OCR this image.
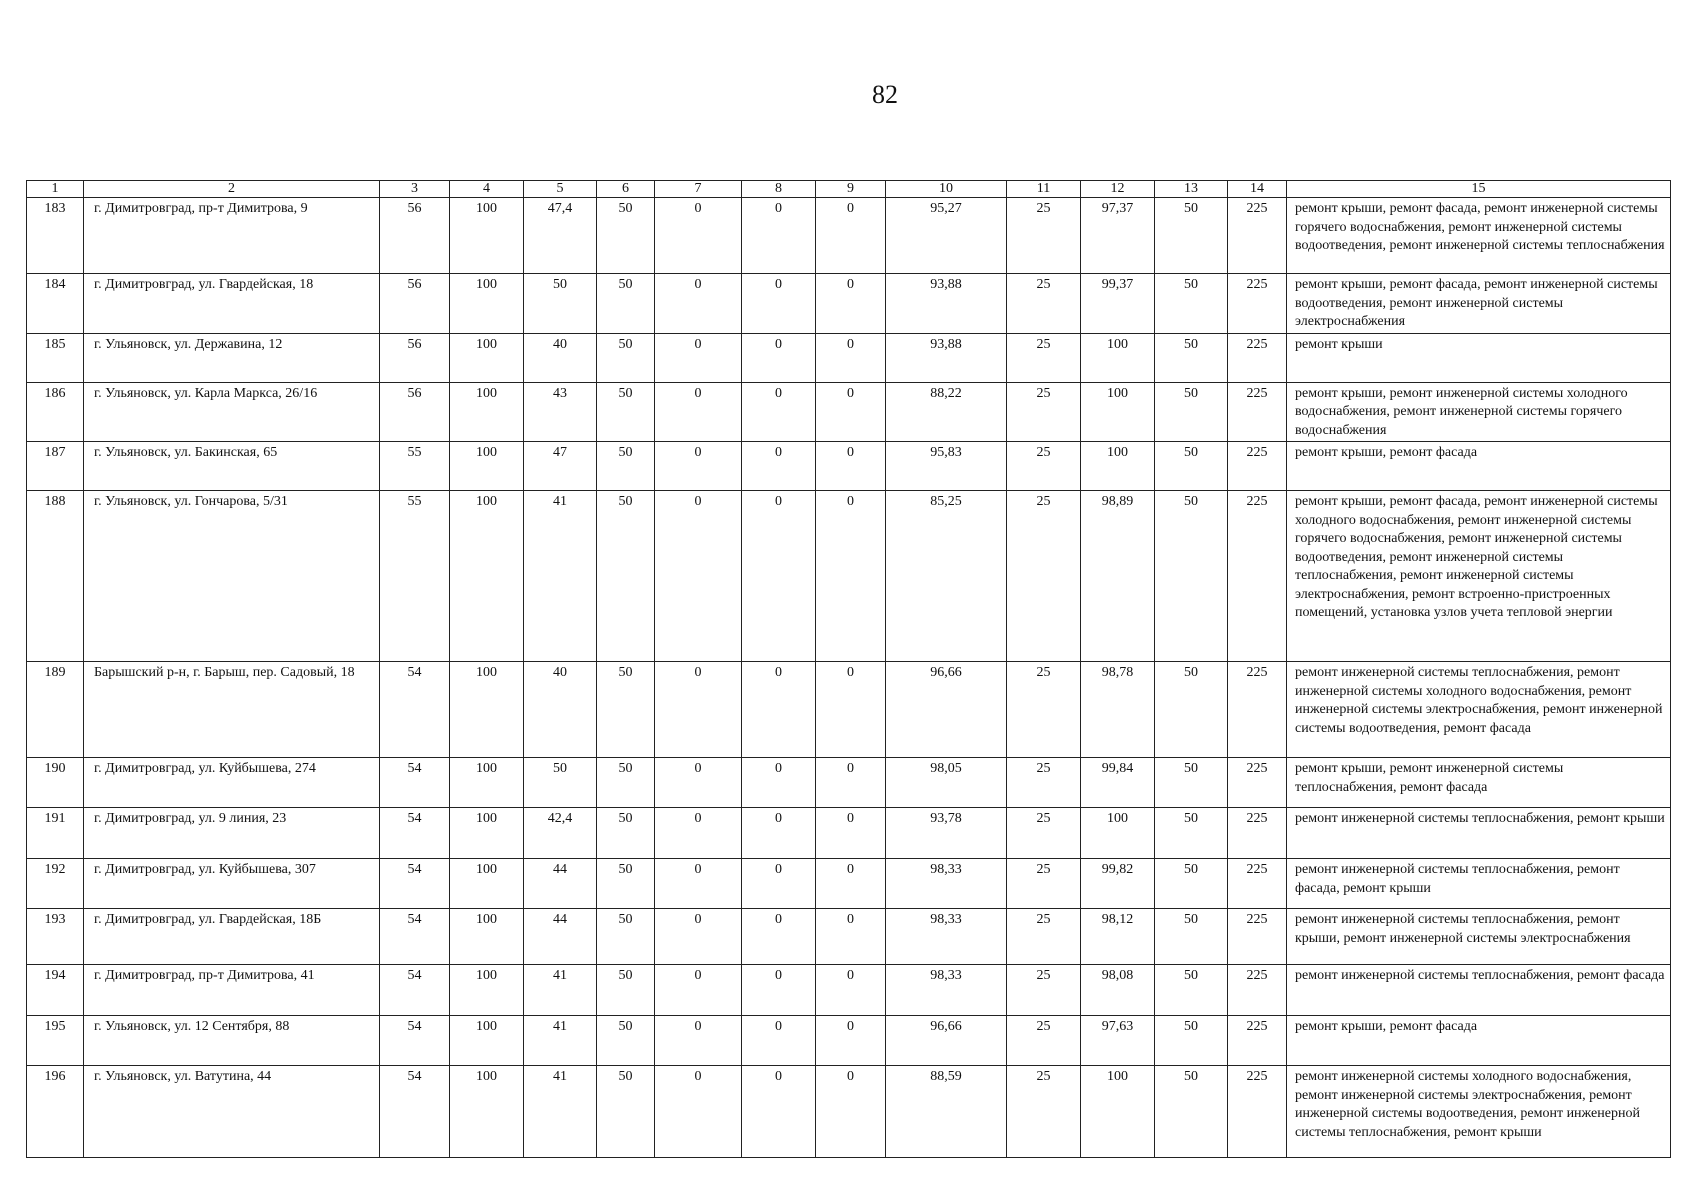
82
1	2	3	4	5	6	7	8	9	10	11	12	13	14	15
183	г. Димитровград, пр-т Димитрова, 9	56	100	47,4	50	0	0	0	95,27	25	97,37	50	225	ремонт крыши, ремонт фасада, ремонт инженерной системы горячего водоснабжения, ремонт инженерной системы водоотведения, ремонт инженерной системы теплоснабжения
184	г. Димитровград, ул. Гвардейская, 18	56	100	50	50	0	0	0	93,88	25	99,37	50	225	ремонт крыши, ремонт фасада, ремонт инженерной системы водоотведения, ремонт инженерной системы электроснабжения
185	г. Ульяновск, ул. Державина, 12	56	100	40	50	0	0	0	93,88	25	100	50	225	ремонт крыши
186	г. Ульяновск, ул. Карла Маркса, 26/16	56	100	43	50	0	0	0	88,22	25	100	50	225	ремонт крыши, ремонт инженерной системы холодного водоснабжения, ремонт инженерной системы горячего водоснабжения
187	г. Ульяновск, ул. Бакинская, 65	55	100	47	50	0	0	0	95,83	25	100	50	225	ремонт крыши, ремонт фасада
188	г. Ульяновск, ул. Гончарова, 5/31	55	100	41	50	0	0	0	85,25	25	98,89	50	225	ремонт крыши, ремонт фасада, ремонт инженерной системы холодного водоснабжения, ремонт инженерной системы горячего водоснабжения, ремонт инженерной системы водоотведения, ремонт инженерной системы теплоснабжения, ремонт инженерной системы электроснабжения, ремонт встроенно-пристроенных помещений, установка узлов учета тепловой энергии
189	Барышский р-н, г. Барыш, пер. Садовый, 18	54	100	40	50	0	0	0	96,66	25	98,78	50	225	ремонт инженерной системы теплоснабжения, ремонт инженерной системы холодного водоснабжения, ремонт инженерной системы электроснабжения, ремонт инженерной системы водоотведения, ремонт фасада
190	г. Димитровград, ул. Куйбышева, 274	54	100	50	50	0	0	0	98,05	25	99,84	50	225	ремонт крыши, ремонт инженерной системы теплоснабжения, ремонт фасада
191	г. Димитровград, ул. 9 линия, 23	54	100	42,4	50	0	0	0	93,78	25	100	50	225	ремонт инженерной системы теплоснабжения, ремонт крыши
192	г. Димитровград, ул. Куйбышева, 307	54	100	44	50	0	0	0	98,33	25	99,82	50	225	ремонт инженерной системы теплоснабжения, ремонт фасада, ремонт крыши
193	г. Димитровград, ул. Гвардейская, 18Б	54	100	44	50	0	0	0	98,33	25	98,12	50	225	ремонт инженерной системы теплоснабжения, ремонт крыши, ремонт инженерной системы электроснабжения
194	г. Димитровград, пр-т Димитрова, 41	54	100	41	50	0	0	0	98,33	25	98,08	50	225	ремонт инженерной системы теплоснабжения, ремонт фасада
195	г. Ульяновск, ул. 12 Сентября, 88	54	100	41	50	0	0	0	96,66	25	97,63	50	225	ремонт крыши, ремонт фасада
196	г. Ульяновск, ул. Ватутина, 44	54	100	41	50	0	0	0	88,59	25	100	50	225	ремонт инженерной системы холодного водоснабжения, ремонт инженерной системы электроснабжения, ремонт инженерной системы водоотведения, ремонт инженерной системы теплоснабжения, ремонт крыши
